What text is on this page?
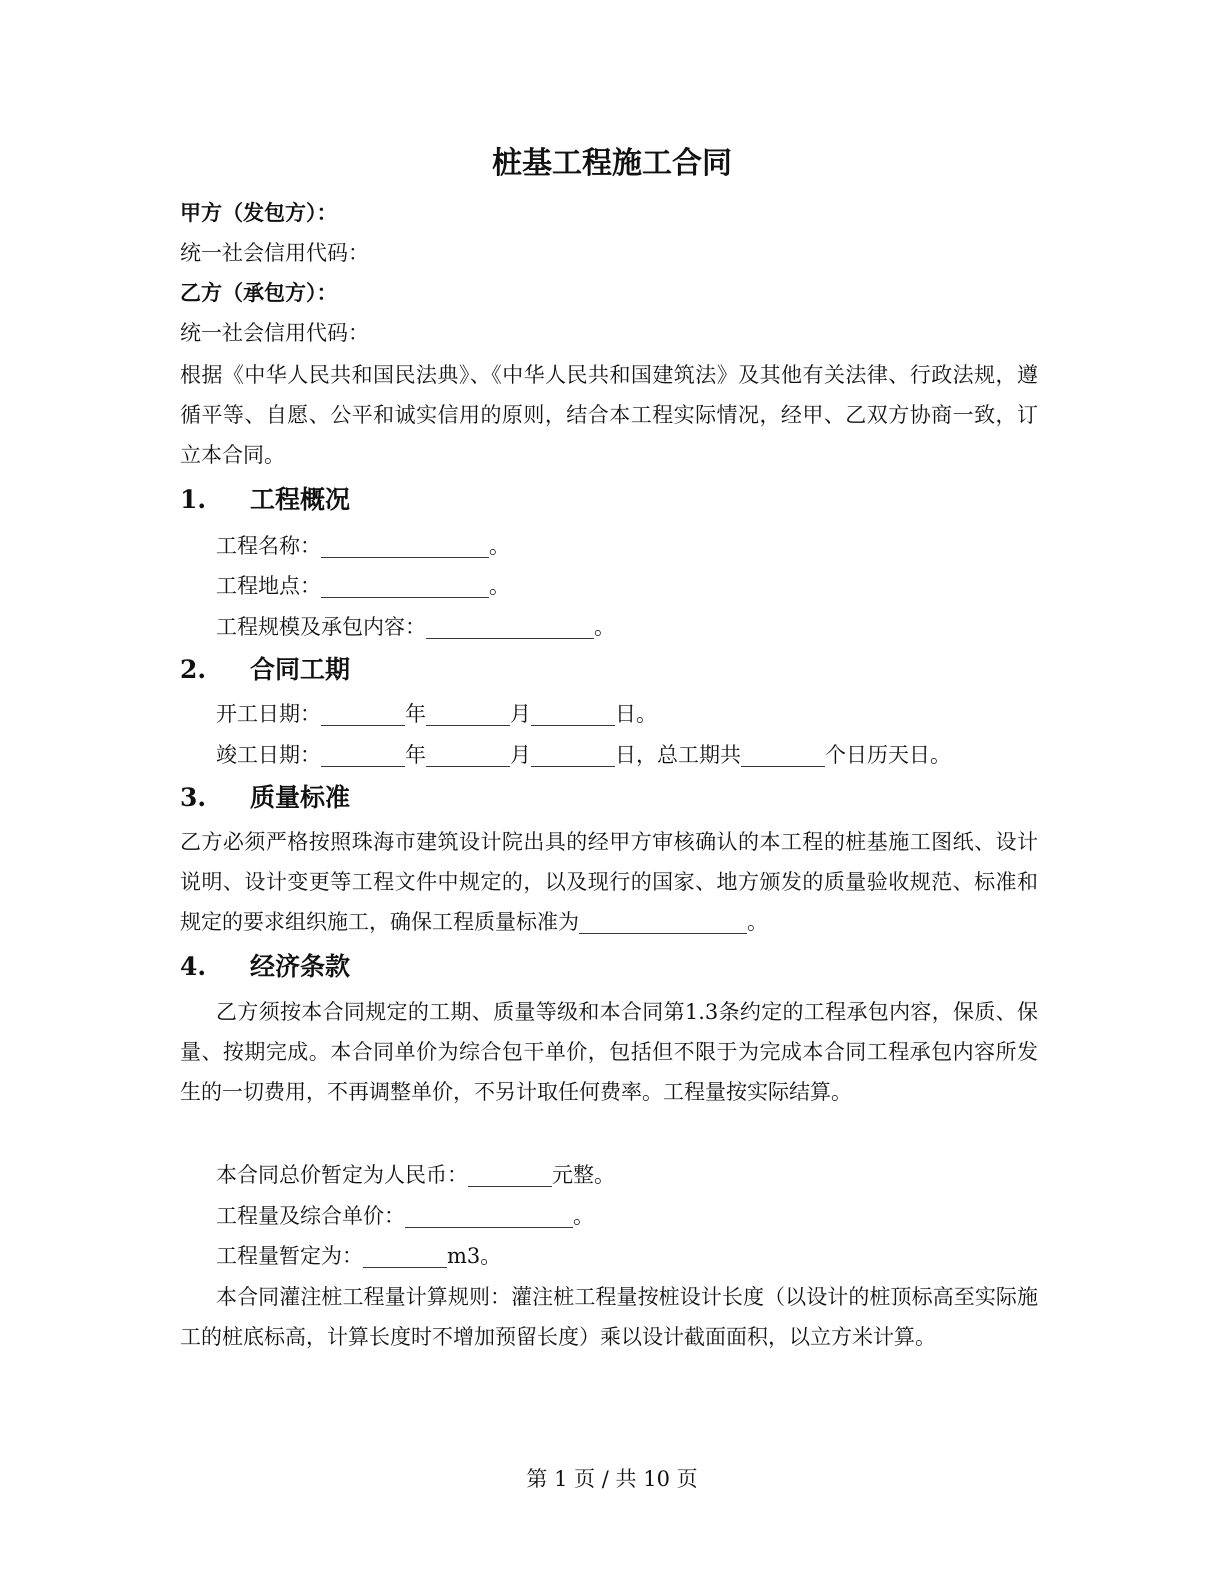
桩基工程施工合同
甲方（发包方）：
统一社会信用代码：
乙方（承包方）：
统一社会信用代码：
根据《中华人民共和国民法典》、《中华人民共和国建筑法》及其他有关法律、行政法规，遵循平等、自愿、公平和诚实信用的原则，结合本工程实际情况，经甲、乙双方协商一致，订立本合同。
1. 工程概况
工程名称：________________。
工程地点：________________。
工程规模及承包内容：________________。
2. 合同工期
开工日期：________年________月________日。
竣工日期：________年________月________日，总工期共________个日历天日。
3. 质量标准
乙方必须严格按照珠海市建筑设计院出具的经甲方审核确认的本工程的桩基施工图纸、设计说明、设计变更等工程文件中规定的，以及现行的国家、地方颁发的质量验收规范、标准和规定的要求组织施工，确保工程质量标准为________________。
4. 经济条款
乙方须按本合同规定的工期、质量等级和本合同第1.3条约定的工程承包内容，保质、保量、按期完成。本合同单价为综合包干单价，包括但不限于为完成本合同工程承包内容所发生的一切费用，不再调整单价，不另计取任何费率。工程量按实际结算。
本合同总价暂定为人民币：________元整。
工程量及综合单价：________________。
工程量暂定为：________m3。
本合同灌注桩工程量计算规则：灌注桩工程量按桩设计长度（以设计的桩顶标高至实际施工的桩底标高，计算长度时不增加预留长度）乘以设计截面面积，以立方米计算。
第 1 页 / 共 10 页
